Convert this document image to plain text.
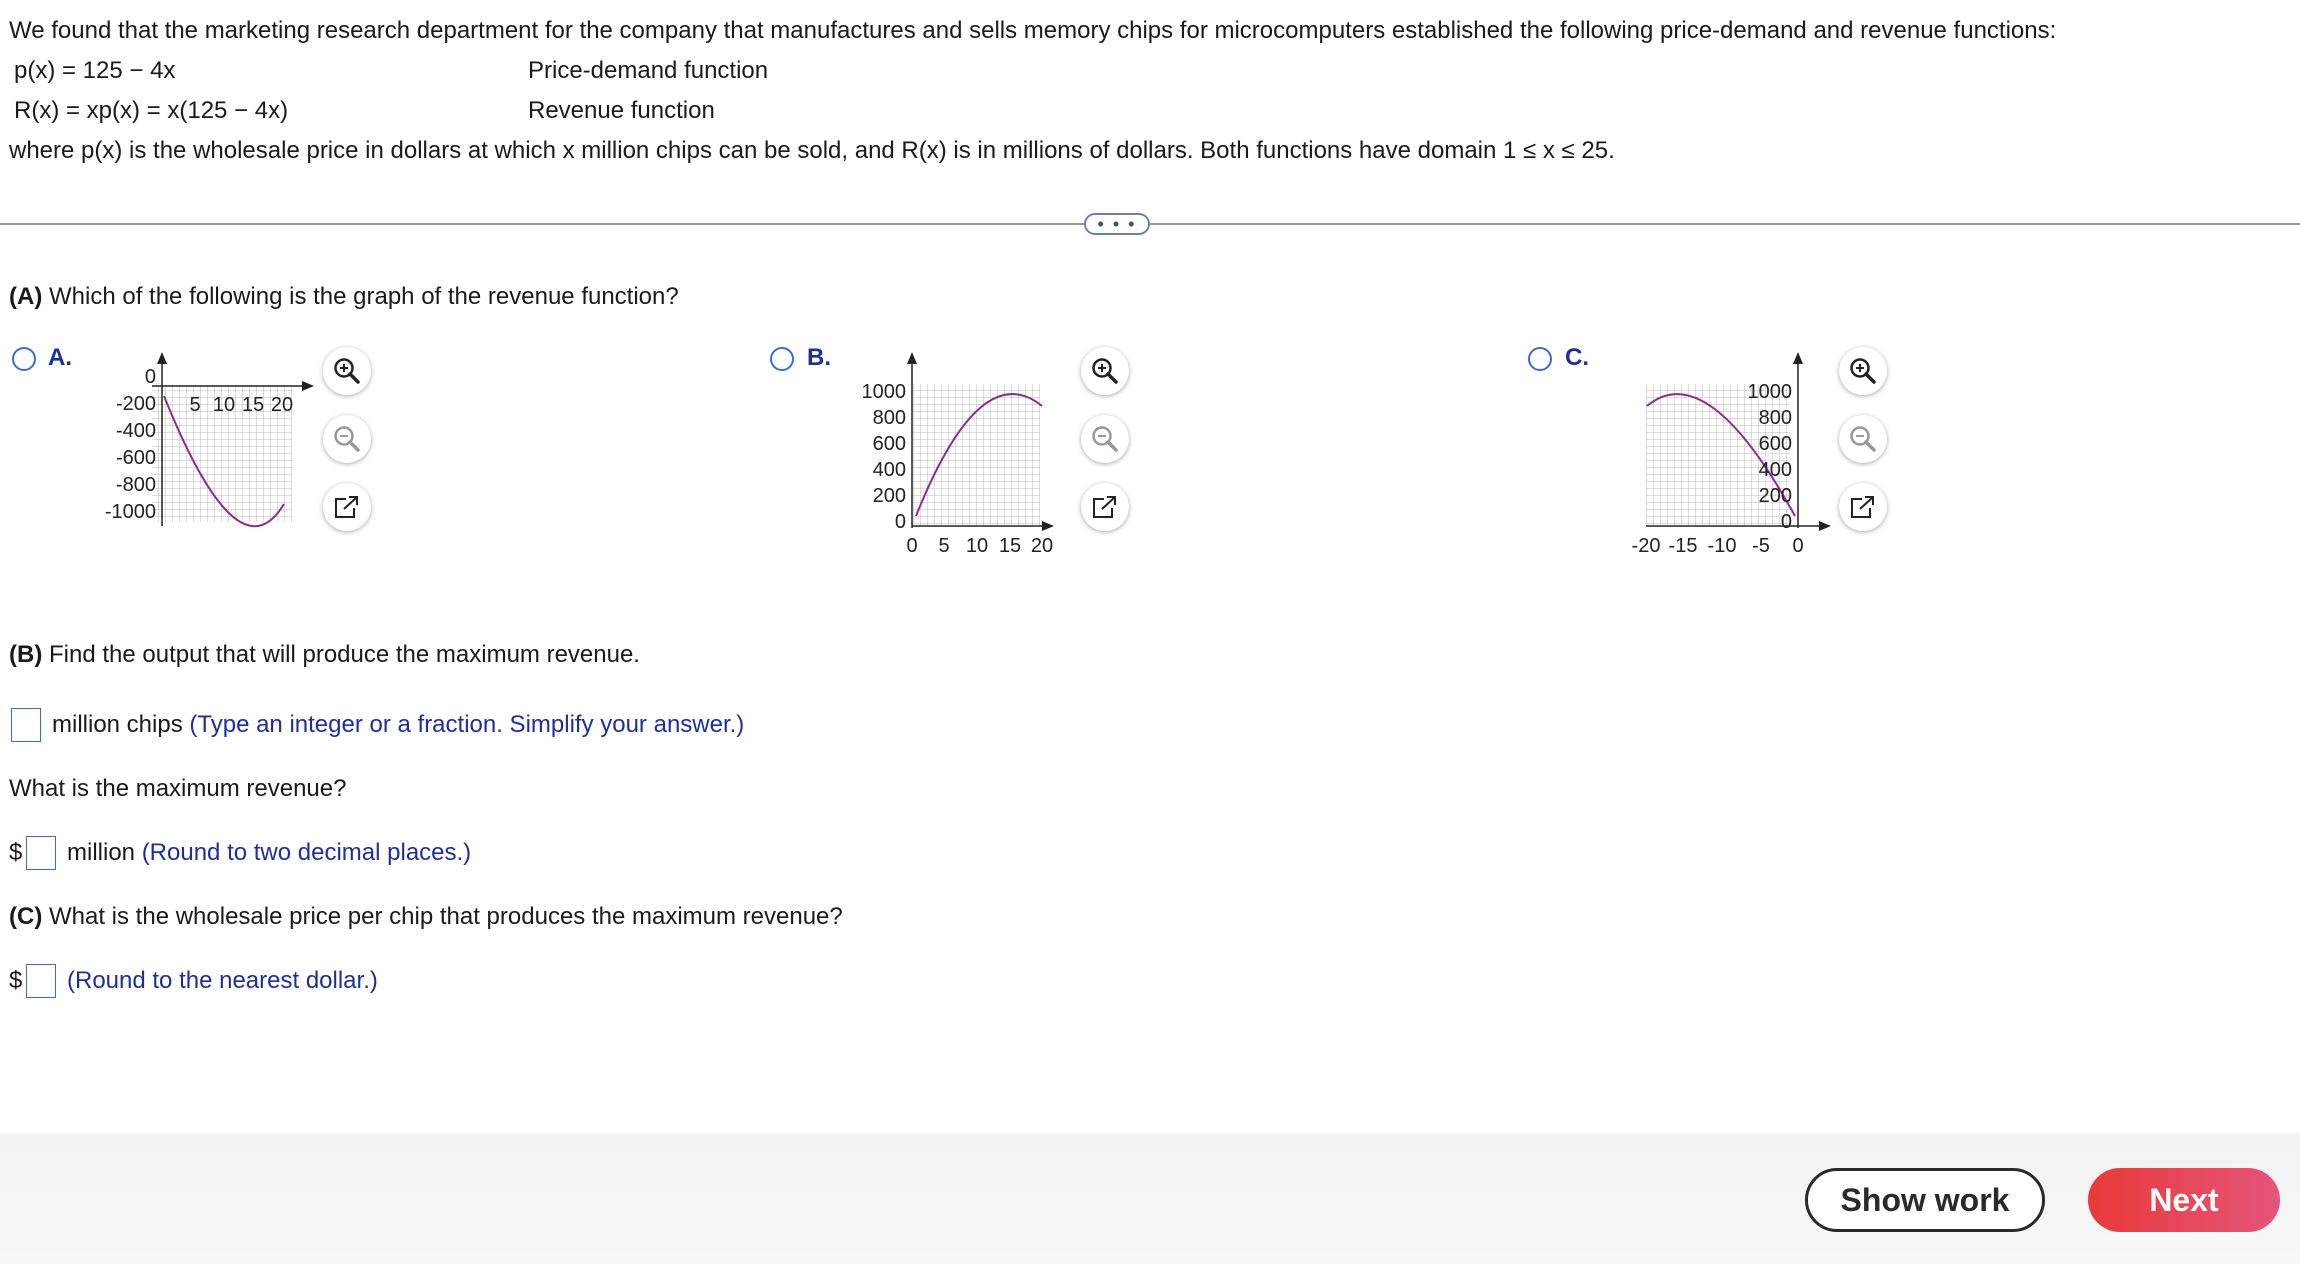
We found that the marketing research department for the company that manufactures and sells memory chips for microcomputers established the following price-demand and revenue functions:
p(x) = 125 − 4x	Price-demand function
R(x) = xp(x) = x(125 − 4x)	Revenue function
where p(x) is the wholesale price in dollars at which x million chips can be sold, and R(x) is in millions of dollars. Both functions have domain 1 ≤ x ≤ 25.
• • •
(A) Which of the following is the graph of the revenue function?
A.
0
-200
-400
-600
-800
-1000
5 10 15 20
B.
1000
800
600
400
200
0
0 5 10 15 20
C.
1000
800
600
400
200
0
-20 -15 -10 -5 0
(B) Find the output that will produce the maximum revenue.
million chips (Type an integer or a fraction. Simplify your answer.)
What is the maximum revenue?
$ million (Round to two decimal places.)
(C) What is the wholesale price per chip that produces the maximum revenue?
$ (Round to the nearest dollar.)
Show work	Next
